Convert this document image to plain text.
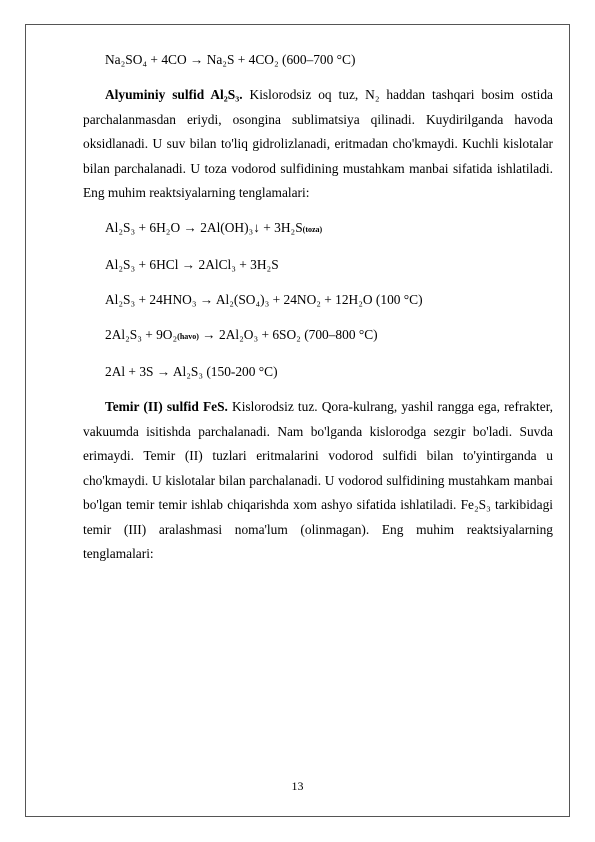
Na₂SO₄ + 4CO → Na₂S + 4CO₂ (600–700 °C)
Alyuminiy sulfid Al₂S₃. Kislorodsiz oq tuz, N₂ haddan tashqari bosim ostida parchalanmasdan eriydi, osongina sublimatsiya qilinadi. Kuydirilganda havoda oksidlanadi. U suv bilan to'liq gidrolizlanadi, eritmadan cho'kmaydi. Kuchli kislotalar bilan parchalanadi. U toza vodorod sulfidining mustahkam manbai sifatida ishlatiladi. Eng muhim reaktsiyalarning tenglamalari:
Al₂S₃ + 6H₂O → 2Al(OH)₃↓ + 3H₂S(toza)
Al₂S₃ + 6HCl → 2AlCl₃ + 3H₂S
Al₂S₃ + 24HNO₃ → Al₂(SO₄)₃ + 24NO₂ + 12H₂O (100 °C)
2Al₂S₃ + 9O₂(havo) → 2Al₂O₃ + 6SO₂ (700–800 °C)
2Al + 3S → Al₂S₃ (150-200 °C)
Temir (II) sulfid FeS. Kislorodsiz tuz. Qora-kulrang, yashil rangga ega, refrakter, vakuumda isitishda parchalanadi. Nam bo'lganda kislorodga sezgir bo'ladi. Suvda erimaydi. Temir (II) tuzlari eritmalarini vodorod sulfidi bilan to'yintirganda u cho'kmaydi. U kislotalar bilan parchalanadi. U vodorod sulfidining mustahkam manbai bo'lgan temir temir ishlab chiqarishda xom ashyo sifatida ishlatiladi. Fe₂S₃ tarkibidagi temir (III) aralashmasi noma'lum (olinmagan). Eng muhim reaktsiyalarning tenglamalari:
13
